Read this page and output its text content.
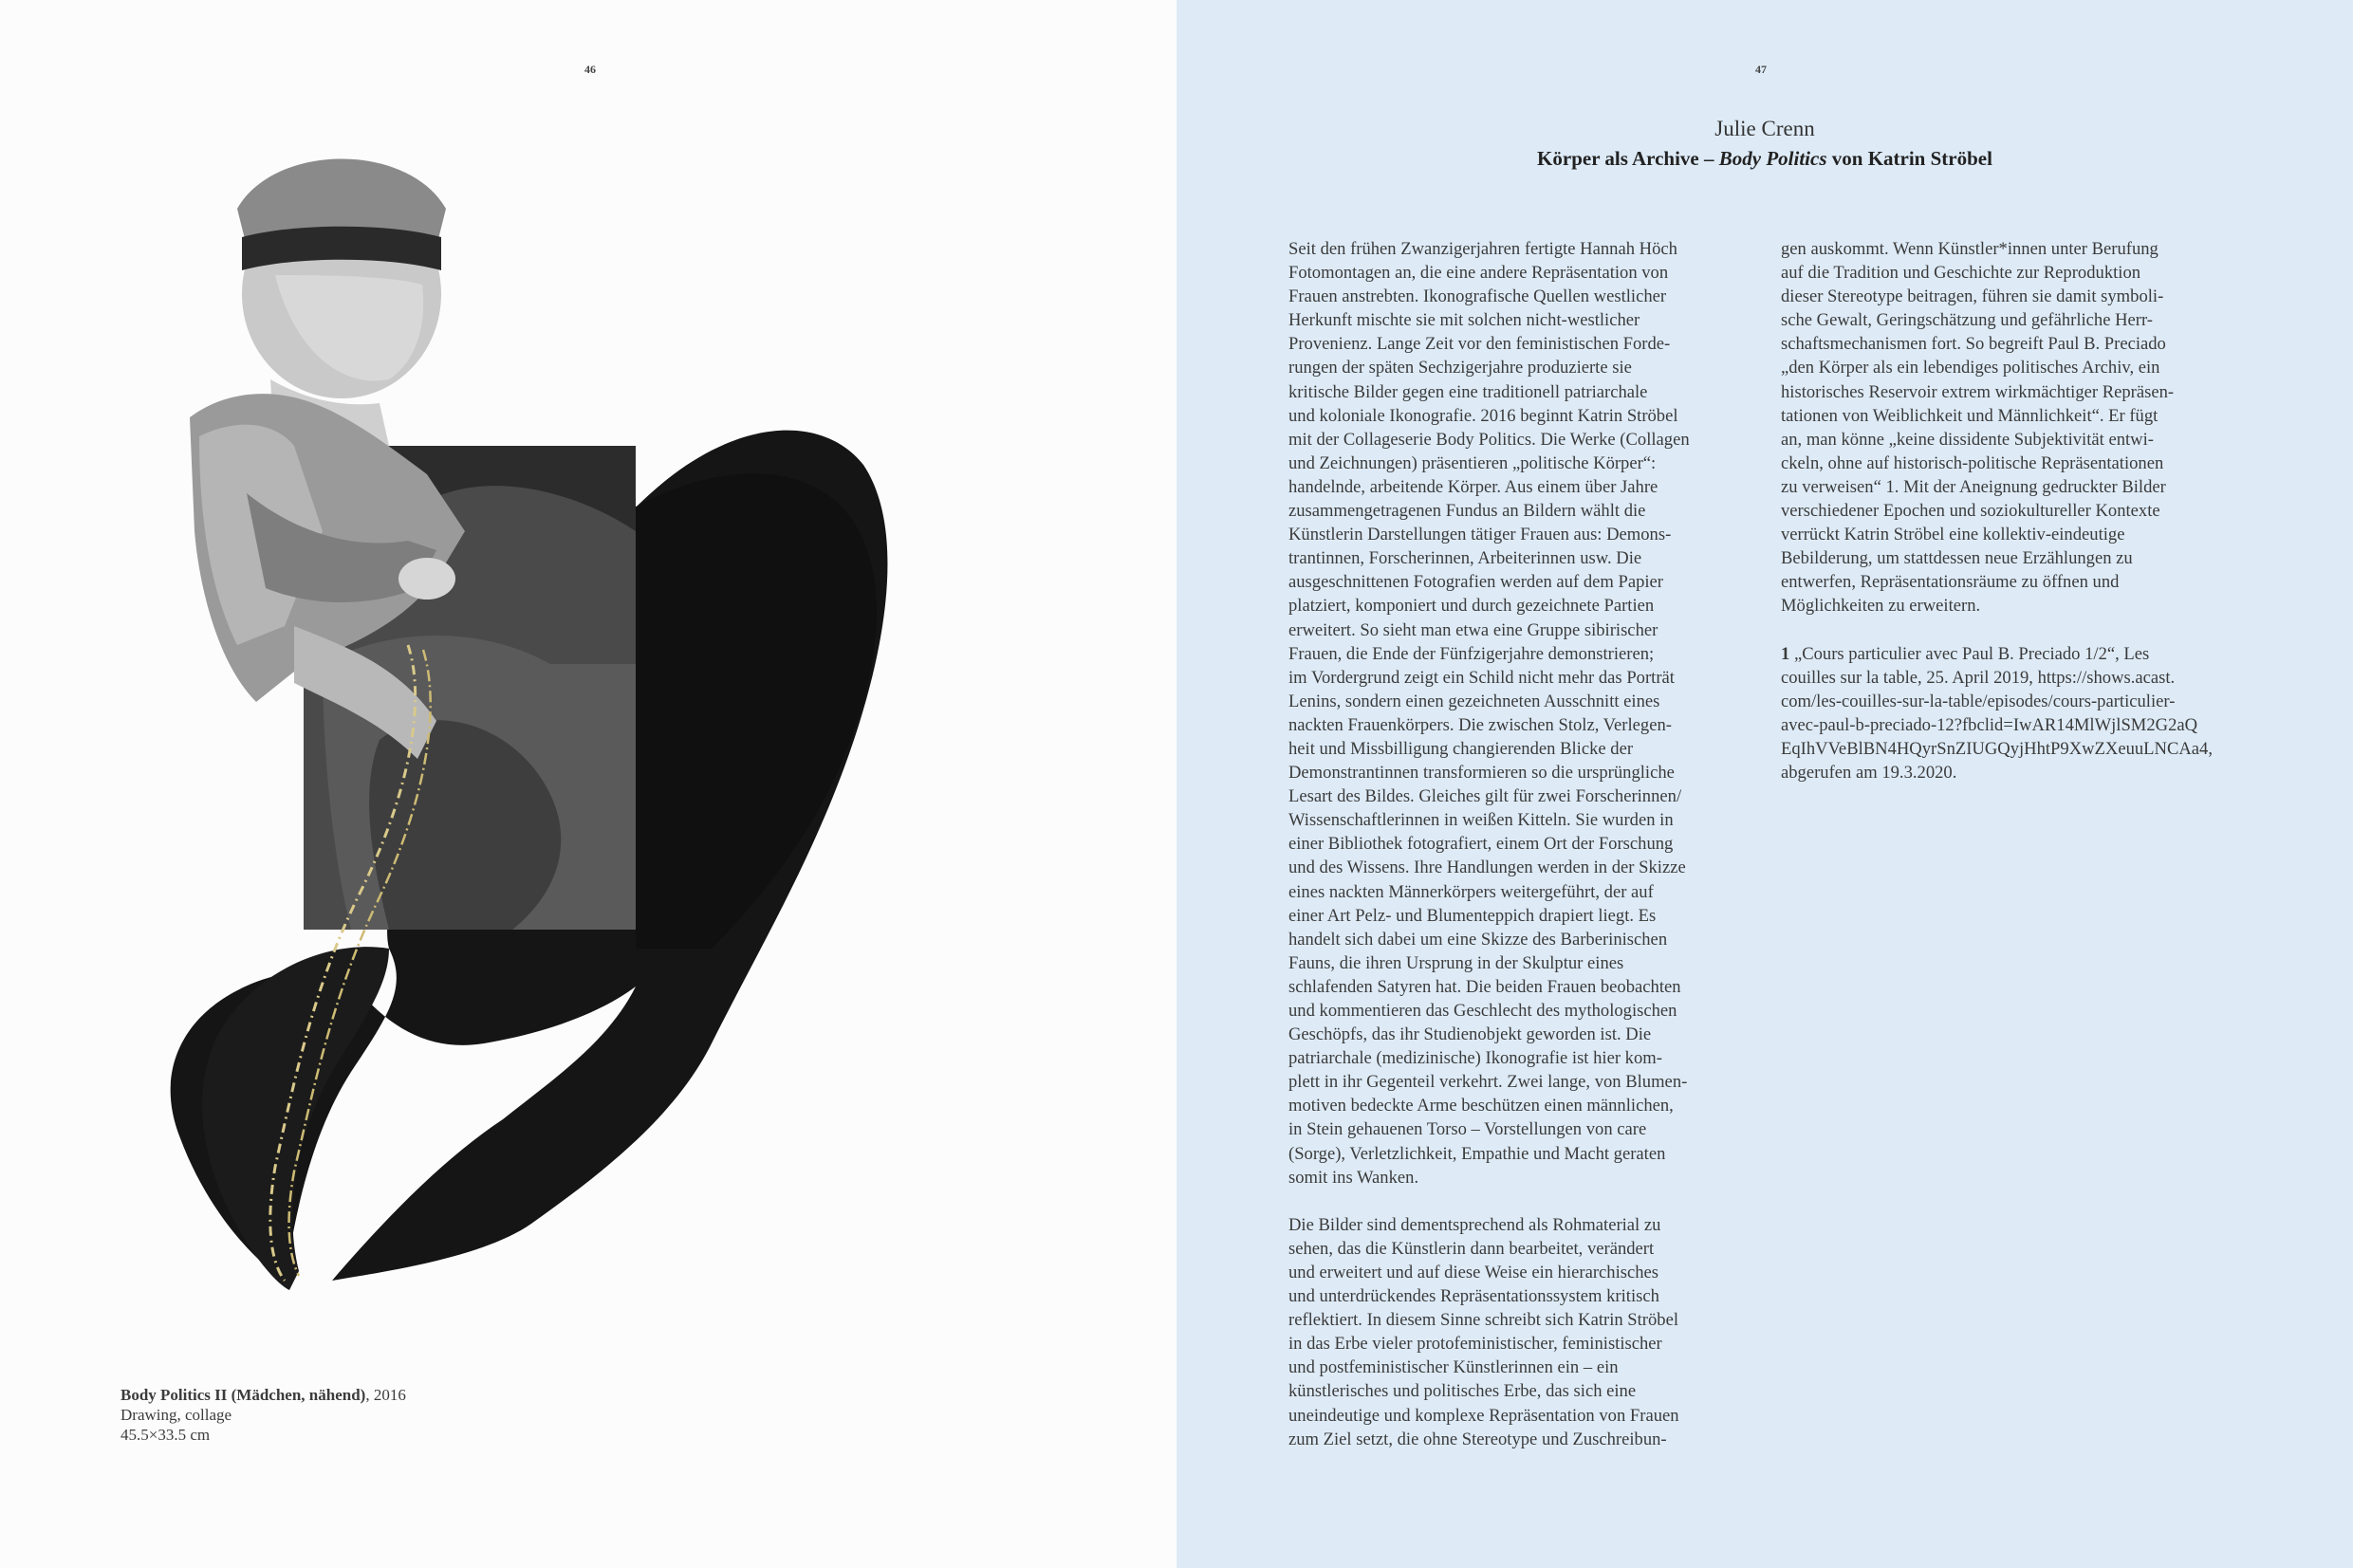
46
Body Politics II (Mädchen, nähend), 2016
Drawing, collage
45.5×33.5 cm
47
Julie Crenn
Körper als Archive – Body Politics von Katrin Ströbel

Seit den frühen Zwanzigerjahren fertigte Hannah Höch
Fotomontagen an, die eine andere Repräsentation von
Frauen anstrebten. Ikonografische Quellen westlicher
Herkunft mischte sie mit solchen nicht-westlicher
Provenienz. Lange Zeit vor den feministischen Forde-
rungen der späten Sechzigerjahre produzierte sie
kritische Bilder gegen eine traditionell patriarchale
und koloniale Ikonografie. 2016 beginnt Katrin Ströbel
mit der Collageserie Body Politics. Die Werke (Collagen
und Zeichnungen) präsentieren „politische Körper“:
handelnde, arbeitende Körper. Aus einem über Jahre
zusammengetragenen Fundus an Bildern wählt die
Künstlerin Darstellungen tätiger Frauen aus: Demons-
trantinnen, Forscherinnen, Arbeiterinnen usw. Die
ausgeschnittenen Fotografien werden auf dem Papier
platziert, komponiert und durch gezeichnete Partien
erweitert. So sieht man etwa eine Gruppe sibirischer
Frauen, die Ende der Fünfzigerjahre demonstrieren;
im Vordergrund zeigt ein Schild nicht mehr das Porträt
Lenins, sondern einen gezeichneten Ausschnitt eines
nackten Frauenkörpers. Die zwischen Stolz, Verlegen-
heit und Missbilligung changierenden Blicke der
Demonstrantinnen transformieren so die ursprüngliche
Lesart des Bildes. Gleiches gilt für zwei Forscherinnen/
Wissenschaftlerinnen in weißen Kitteln. Sie wurden in
einer Bibliothek fotografiert, einem Ort der Forschung
und des Wissens. Ihre Handlungen werden in der Skizze
eines nackten Männerkörpers weitergeführt, der auf
einer Art Pelz- und Blumenteppich drapiert liegt. Es
handelt sich dabei um eine Skizze des Barberinischen
Fauns, die ihren Ursprung in der Skulptur eines
schlafenden Satyren hat. Die beiden Frauen beobachten
und kommentieren das Geschlecht des mythologischen
Geschöpfs, das ihr Studienobjekt geworden ist. Die
patriarchale (medizinische) Ikonografie ist hier kom-
plett in ihr Gegenteil verkehrt. Zwei lange, von Blumen-
motiven bedeckte Arme beschützen einen männlichen,
in Stein gehauenen Torso – Vorstellungen von care
(Sorge), Verletzlichkeit, Empathie und Macht geraten
somit ins Wanken.

Die Bilder sind dementsprechend als Rohmaterial zu
sehen, das die Künstlerin dann bearbeitet, verändert
und erweitert und auf diese Weise ein hierarchisches
und unterdrückendes Repräsentationssystem kritisch
reflektiert. In diesem Sinne schreibt sich Katrin Ströbel
in das Erbe vieler protofeministischer, feministischer
und postfeministischer Künstlerinnen ein – ein
künstlerisches und politisches Erbe, das sich eine
uneindeutige und komplexe Repräsentation von Frauen
zum Ziel setzt, die ohne Stereotype und Zuschreibun-

gen auskommt. Wenn Künstler*innen unter Berufung
auf die Tradition und Geschichte zur Reproduktion
dieser Stereotype beitragen, führen sie damit symboli-
sche Gewalt, Geringschätzung und gefährliche Herr-
schaftsmechanismen fort. So begreift Paul B. Preciado
„den Körper als ein lebendiges politisches Archiv, ein
historisches Reservoir extrem wirkmächtiger Repräsen-
tationen von Weiblichkeit und Männlichkeit“. Er fügt
an, man könne „keine dissidente Subjektivität entwi-
ckeln, ohne auf historisch-politische Repräsentationen
zu verweisen“ 1. Mit der Aneignung gedruckter Bilder
verschiedener Epochen und soziokultureller Kontexte
verrückt Katrin Ströbel eine kollektiv-eindeutige
Bebilderung, um stattdessen neue Erzählungen zu
entwerfen, Repräsentationsräume zu öffnen und
Möglichkeiten zu erweitern.

1 „Cours particulier avec Paul B. Preciado 1/2“, Les
couilles sur la table, 25. April 2019, https://shows.acast.
com/les-couilles-sur-la-table/episodes/cours-particulier-
avec-paul-b-preciado-12?fbclid=IwAR14MlWjlSM2G2aQ
EqIhVVeBlBN4HQyrSnZIUGQyjHhtP9XwZXeuuLNCAa4,
abgerufen am 19.3.2020.
